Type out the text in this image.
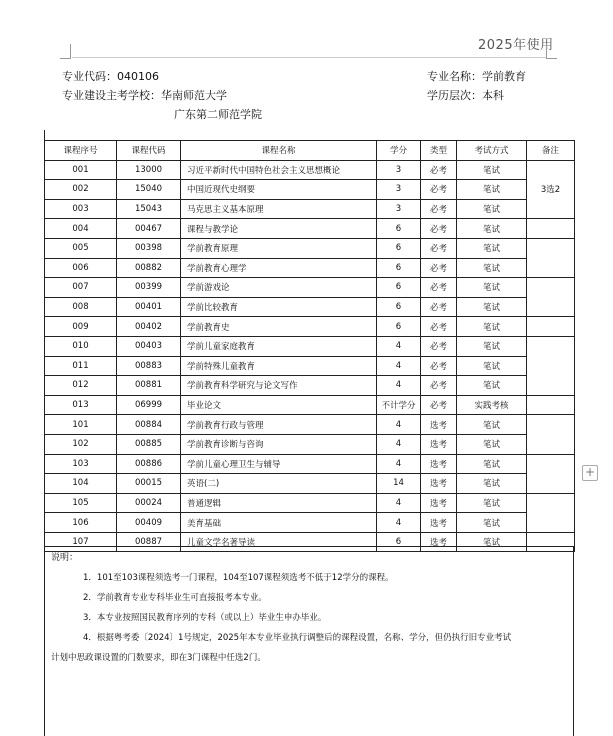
2025年使用
专业代码：040106	专业名称：学前教育
专业建设主考学校：华南师范大学
广东第二师范学院
学历层次：本科
课程序号	课程代码	课程名称	学分	类型	考试方式	备注
001	13000	习近平新时代中国特色社会主义思想概论	3	必考	笔试	3选2
002	15040	中国近现代史纲要	3	必考	笔试	
003	15043	马克思主义基本原理	3	必考	笔试	
004	00467	课程与教学论	6	必考	笔试	
005	00398	学前教育原理	6	必考	笔试	
006	00882	学前教育心理学	6	必考	笔试	
007	00399	学前游戏论	6	必考	笔试	
008	00401	学前比较教育	6	必考	笔试	
009	00402	学前教育史	6	必考	笔试	
010	00403	学前儿童家庭教育	4	必考	笔试	
011	00883	学前特殊儿童教育	4	必考	笔试	
012	00881	学前教育科学研究与论文写作	4	必考	笔试	
013	06999	毕业论文	不计学分	必考	实践考核	
101	00884	学前教育行政与管理	4	选考	笔试	
102	00885	学前教育诊断与咨询	4	选考	笔试	
103	00886	学前儿童心理卫生与辅导	4	选考	笔试	
104	00015	英语(二)	14	选考	笔试	
105	00024	普通逻辑	4	选考	笔试	
106	00409	美育基础	4	选考	笔试	
107	00887	儿童文学名著导读	6	选考	笔试	
说明：
1．101至103课程须选考一门课程，104至107课程须选考不低于12学分的课程。
2．学前教育专业专科毕业生可直接报考本专业。
3．本专业按照国民教育序列的专科（或以上）毕业生申办毕业。
4．根据粤考委〔2024〕1号规定，2025年本专业毕业执行调整后的课程设置，名称、学分，但仍执行旧专业考试
计划中思政课设置的门数要求，即在3门课程中任选2门。
+
